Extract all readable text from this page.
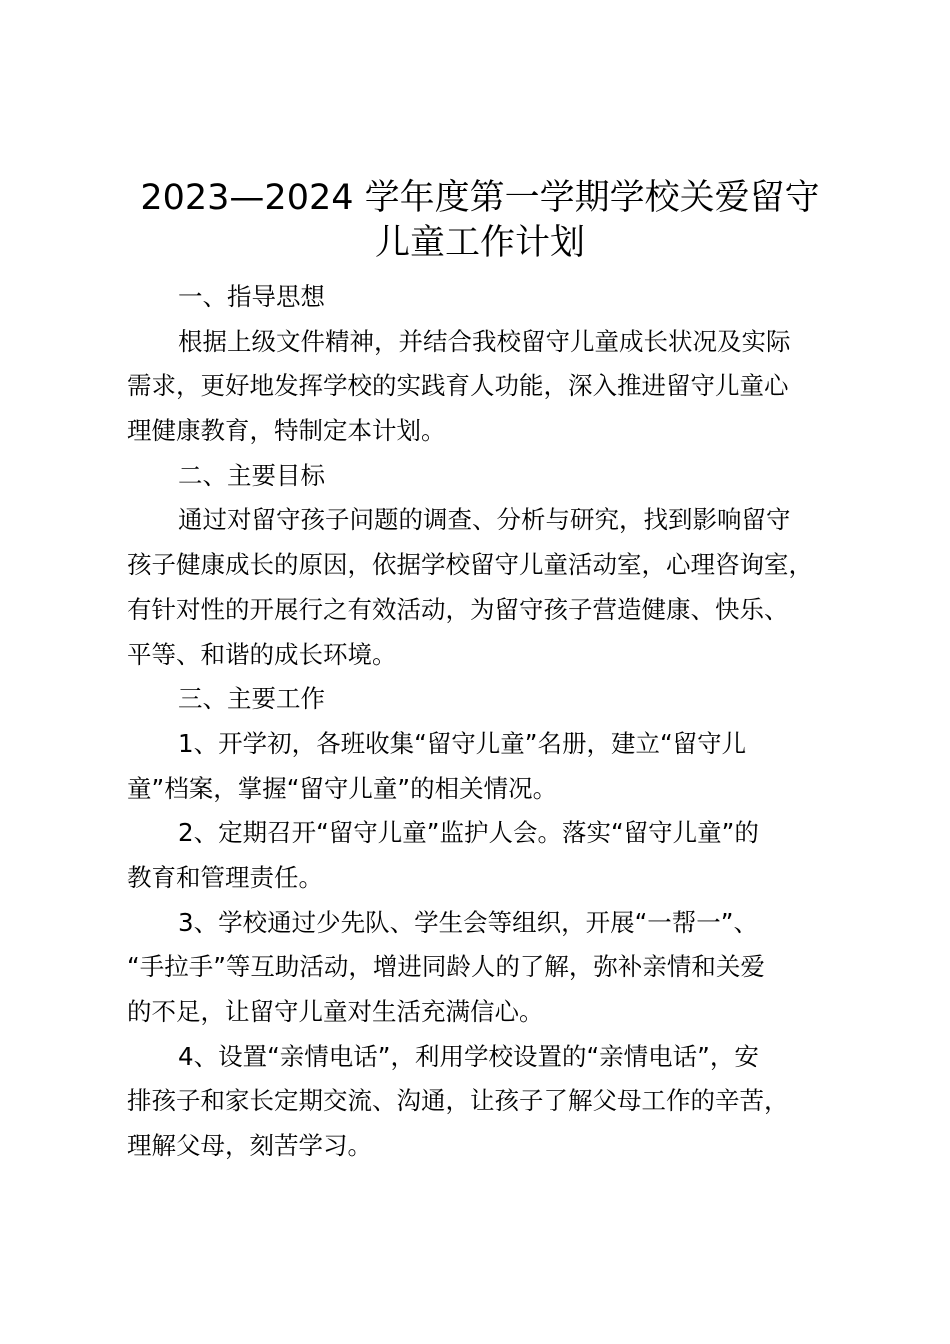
2023—2024 学年度第一学期学校关爱留守
儿童工作计划
一、指导思想
根据上级文件精神，并结合我校留守儿童成长状况及实际
需求，更好地发挥学校的实践育人功能，深入推进留守儿童心
理健康教育，特制定本计划。
二、主要目标
通过对留守孩子问题的调查、分析与研究，找到影响留守
孩子健康成长的原因，依据学校留守儿童活动室，心理咨询室，
有针对性的开展行之有效活动，为留守孩子营造健康、快乐、
平等、和谐的成长环境。
三、主要工作
1、开学初，各班收集“留守儿童”名册，建立“留守儿
童”档案，掌握“留守儿童”的相关情况。
2、定期召开“留守儿童”监护人会。落实“留守儿童”的
教育和管理责任。
3、学校通过少先队、学生会等组织，开展“一帮一”、
“手拉手”等互助活动，增进同龄人的了解，弥补亲情和关爱
的不足，让留守儿童对生活充满信心。
4、设置“亲情电话”，利用学校设置的“亲情电话”，安
排孩子和家长定期交流、沟通，让孩子了解父母工作的辛苦，
理解父母，刻苦学习。
